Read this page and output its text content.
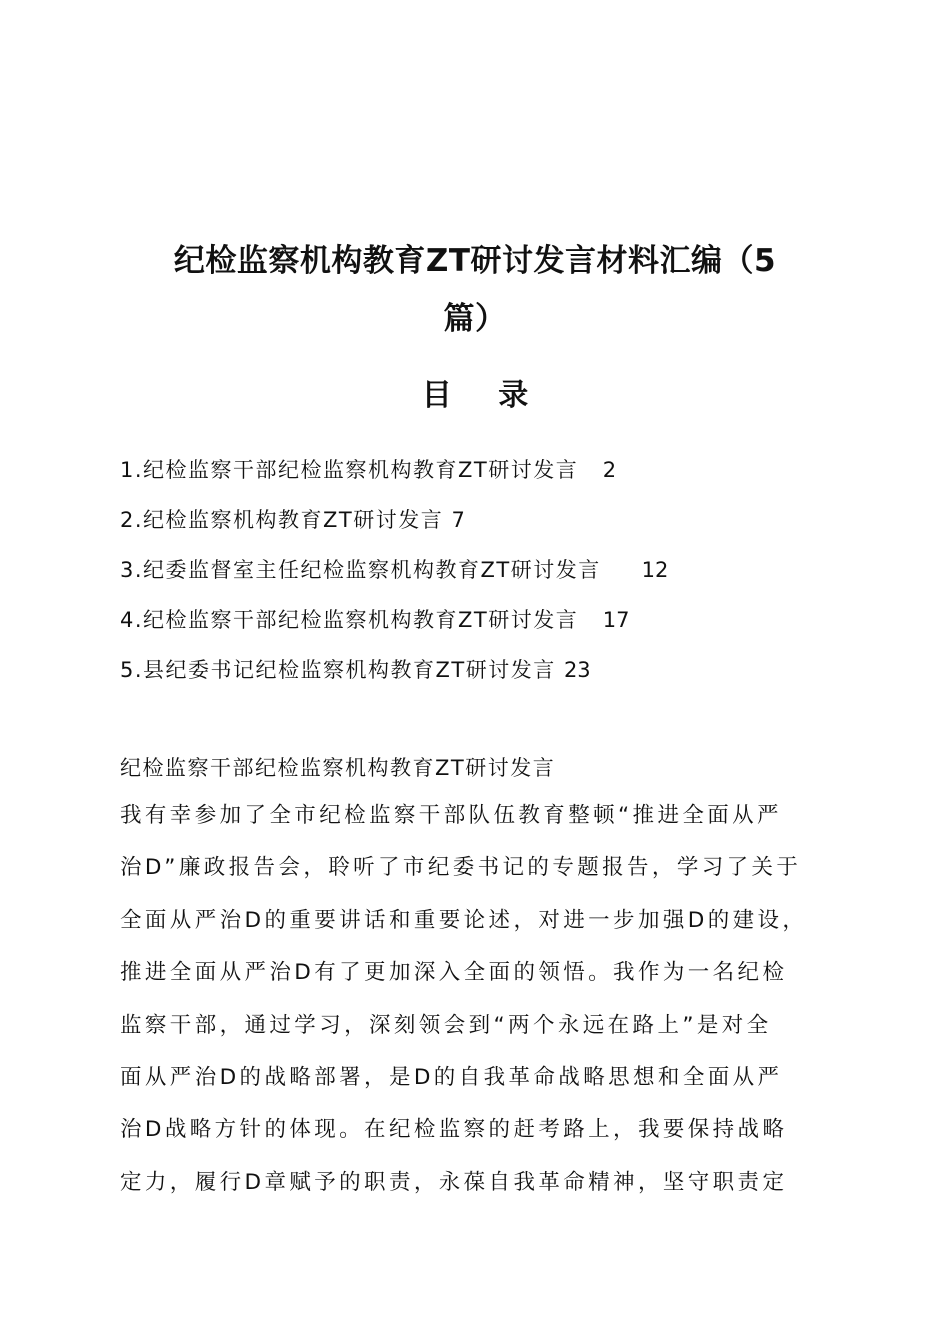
纪检监察机构教育ZT研讨发言材料汇编（5
篇）
目 录
1.纪检监察干部纪检监察机构教育ZT研讨发言 2
2.纪检监察机构教育ZT研讨发言 7
3.纪委监督室主任纪检监察机构教育ZT研讨发言 12
4.纪检监察干部纪检监察机构教育ZT研讨发言 17
5.县纪委书记纪检监察机构教育ZT研讨发言 23
纪检监察干部纪检监察机构教育ZT研讨发言

我有幸参加了全市纪检监察干部队伍教育整顿“推进全面从严
治D”廉政报告会，聆听了市纪委书记的专题报告，学习了关于
全面从严治D的重要讲话和重要论述，对进一步加强D的建设，
推进全面从严治D有了更加深入全面的领悟。我作为一名纪检
监察干部，通过学习，深刻领会到“两个永远在路上”是对全
面从严治D的战略部署，是D的自我革命战略思想和全面从严
治D战略方针的体现。在纪检监察的赶考路上，我要保持战略
定力，履行D章赋予的职责，永葆自我革命精神，坚守职责定
